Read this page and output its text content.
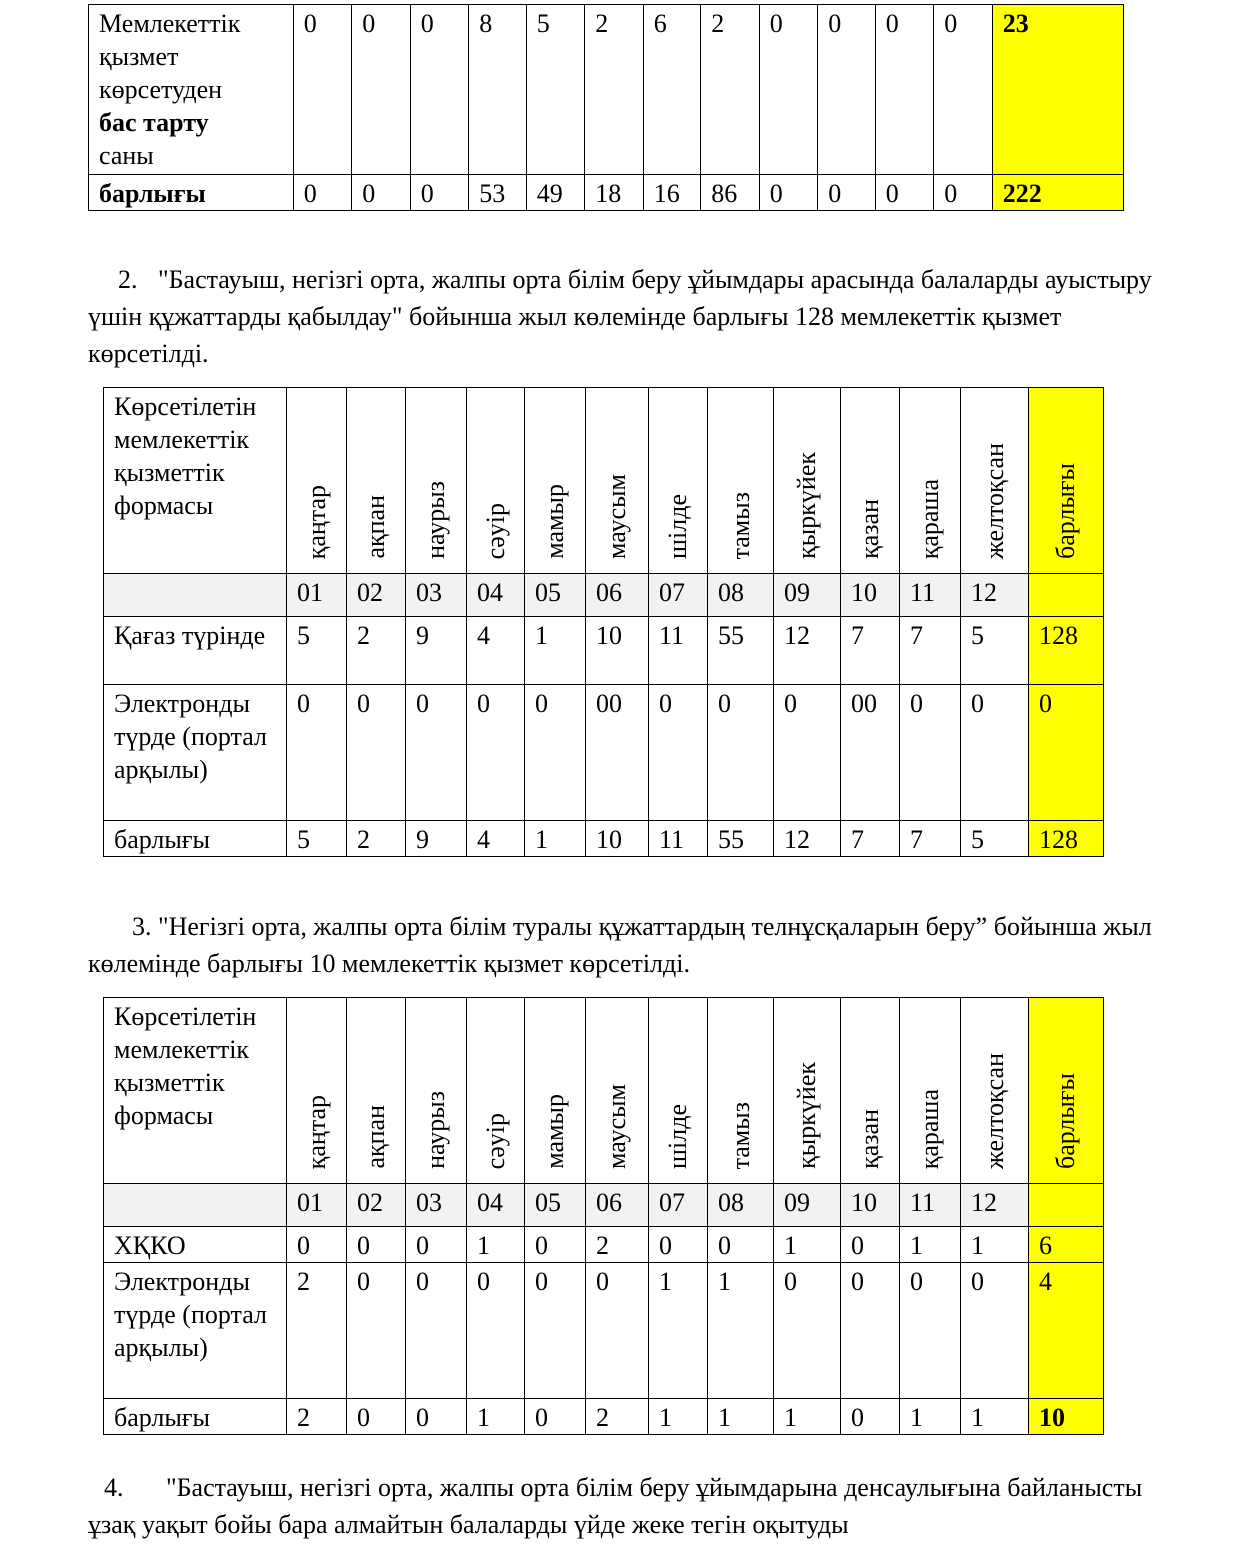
Мемлекеттік
қызмет
көрсетуден
бас тарту
саны	0	0	0	8	5	2	6	2	0	0	0	0	23
барлығы	0	0	0	53	49	18	16	86	0	0	0	0	222

2. "Бастауыш, негізгі орта, жалпы орта білім беру ұйымдары арасында балаларды ауыстыру үшін құжаттарды қабылдау" бойынша жыл көлемінде барлығы 128 мемлекеттік қызмет көрсетілді.

Көрсетілетін мемлекеттік қызметтік формасы	қаңтар	ақпан	наурыз	сәуір	мамыр	маусым	шілде	тамыз	қыркүйек	қазан	қараша	желтоқсан	барлығы
	01	02	03	04	05	06	07	08	09	10	11	12	
Қағаз түрінде	5	2	9	4	1	10	11	55	12	7	7	5	128
Электронды түрде (портал арқылы)	0	0	0	0	0	00	0	0	0	00	0	0	0
барлығы	5	2	9	4	1	10	11	55	12	7	7	5	128

3. "Негізгі орта, жалпы орта білім туралы құжаттардың телнұсқаларын беру” бойынша жыл көлемінде барлығы 10 мемлекеттік қызмет көрсетілді.

Көрсетілетін мемлекеттік қызметтік формасы	қаңтар	ақпан	наурыз	сәуір	мамыр	маусым	шілде	тамыз	қыркүйек	қазан	қараша	желтоқсан	барлығы
	01	02	03	04	05	06	07	08	09	10	11	12	
ХҚКО	0	0	0	1	0	2	0	0	1	0	1	1	6
Электронды түрде (портал арқылы)	2	0	0	0	0	0	1	1	0	0	0	0	4
барлығы	2	0	0	1	0	2	1	1	1	0	1	1	10

4. "Бастауыш, негізгі орта, жалпы орта білім беру ұйымдарына денсаулығына байланысты ұзақ уақыт бойы бара алмайтын балаларды үйде жеке тегін оқытуды
